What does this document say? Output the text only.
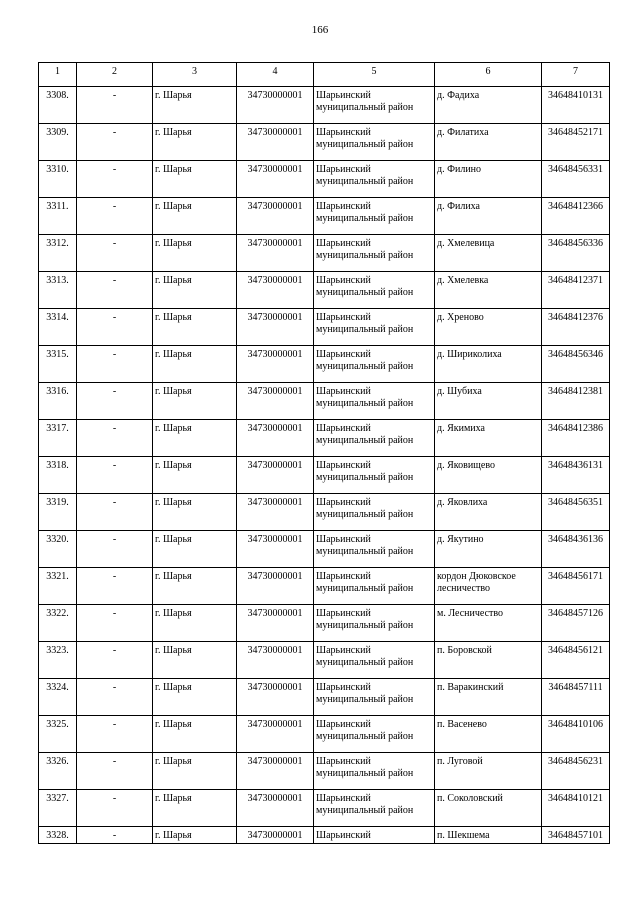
166
1	2	3	4	5	6	7
3308.	-	г. Шарья	34730000001	Шарьинский муниципальный район	д. Фадиха	34648410131
3309.	-	г. Шарья	34730000001	Шарьинский муниципальный район	д. Филатиха	34648452171
3310.	-	г. Шарья	34730000001	Шарьинский муниципальный район	д. Филино	34648456331
3311.	-	г. Шарья	34730000001	Шарьинский муниципальный район	д. Филиха	34648412366
3312.	-	г. Шарья	34730000001	Шарьинский муниципальный район	д. Хмелевица	34648456336
3313.	-	г. Шарья	34730000001	Шарьинский муниципальный район	д. Хмелевка	34648412371
3314.	-	г. Шарья	34730000001	Шарьинский муниципальный район	д. Хреново	34648412376
3315.	-	г. Шарья	34730000001	Шарьинский муниципальный район	д. Шириколиха	34648456346
3316.	-	г. Шарья	34730000001	Шарьинский муниципальный район	д. Шубиха	34648412381
3317.	-	г. Шарья	34730000001	Шарьинский муниципальный район	д. Якимиха	34648412386
3318.	-	г. Шарья	34730000001	Шарьинский муниципальный район	д. Яковищево	34648436131
3319.	-	г. Шарья	34730000001	Шарьинский муниципальный район	д. Яковлиха	34648456351
3320.	-	г. Шарья	34730000001	Шарьинский муниципальный район	д. Якутино	34648436136
3321.	-	г. Шарья	34730000001	Шарьинский муниципальный район	кордон Дюковское лесничество	34648456171
3322.	-	г. Шарья	34730000001	Шарьинский муниципальный район	м. Лесничество	34648457126
3323.	-	г. Шарья	34730000001	Шарьинский муниципальный район	п. Боровской	34648456121
3324.	-	г. Шарья	34730000001	Шарьинский муниципальный район	п. Варакинский	34648457111
3325.	-	г. Шарья	34730000001	Шарьинский муниципальный район	п. Васенево	34648410106
3326.	-	г. Шарья	34730000001	Шарьинский муниципальный район	п. Луговой	34648456231
3327.	-	г. Шарья	34730000001	Шарьинский муниципальный район	п. Соколовский	34648410121
3328.	-	г. Шарья	34730000001	Шарьинский	п. Шекшема	34648457101
